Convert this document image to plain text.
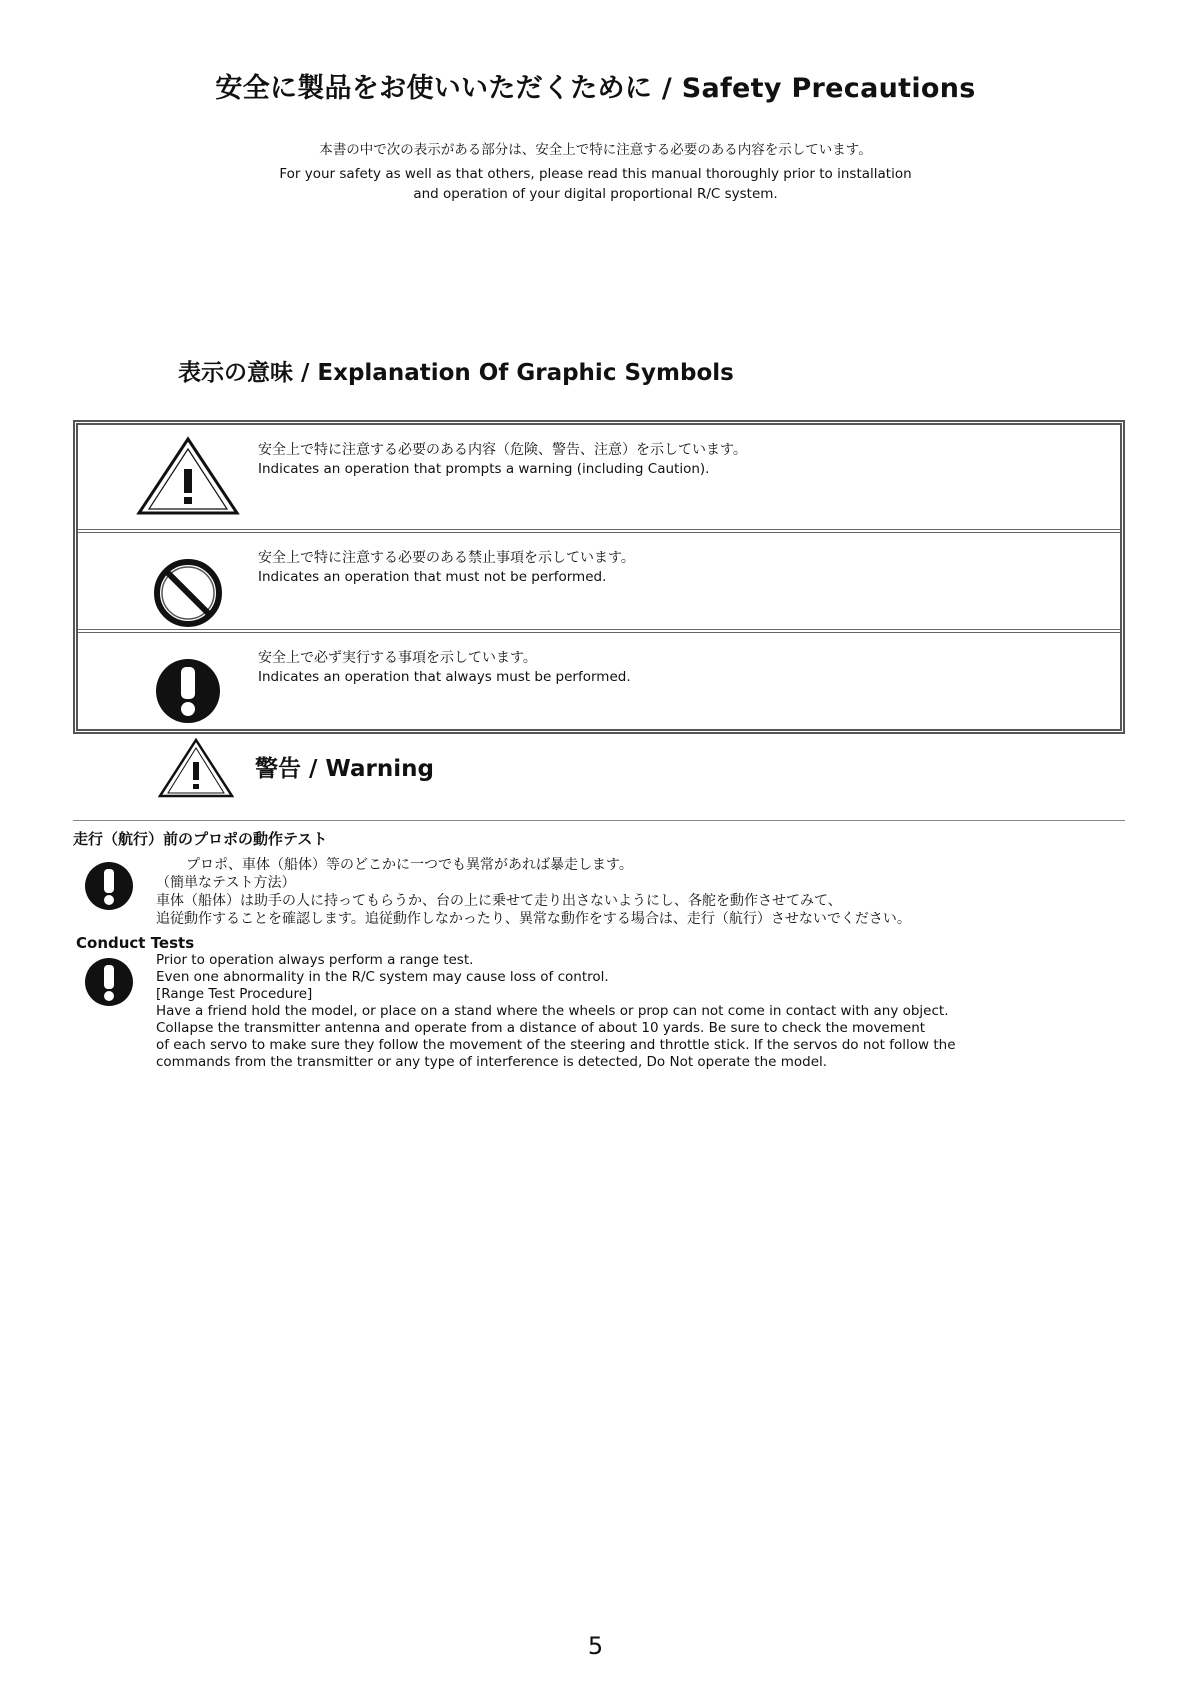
安全に製品をお使いいただくために / Safety Precautions
本書の中で次の表示がある部分は、安全上で特に注意する必要のある内容を示しています。
For your safety as well as that others, please read this manual thoroughly prior to installation
and operation of your digital proportional R/C system.
表示の意味 / Explanation Of Graphic Symbols
安全上で特に注意する必要のある内容（危険、警告、注意）を示しています。
Indicates an operation that prompts a warning (including Caution).
安全上で特に注意する必要のある禁止事項を示しています。
Indicates an operation that must not be performed.
安全上で必ず実行する事項を示しています。
Indicates an operation that always must be performed.
警告 / Warning
走行（航行）前のプロポの動作テスト
プロポ、車体（船体）等のどこかに一つでも異常があれば暴走します。
（簡単なテスト方法）
車体（船体）は助手の人に持ってもらうか、台の上に乗せて走り出さないようにし、各舵を動作させてみて、
追従動作することを確認します。追従動作しなかったり、異常な動作をする場合は、走行（航行）させないでください。
Conduct Tests
Prior to operation always perform a range test.
Even one abnormality in the R/C system may cause loss of control.
[Range Test Procedure]
Have a friend hold the model, or place on a stand where the wheels or prop can not come in contact with any object.
Collapse the transmitter antenna and operate from a distance of about 10 yards. Be sure to check the movement
of each servo to make sure they follow the movement of the steering and throttle stick. If the servos do not follow the
commands from the transmitter or any type of interference is detected, Do Not operate the model.
5
